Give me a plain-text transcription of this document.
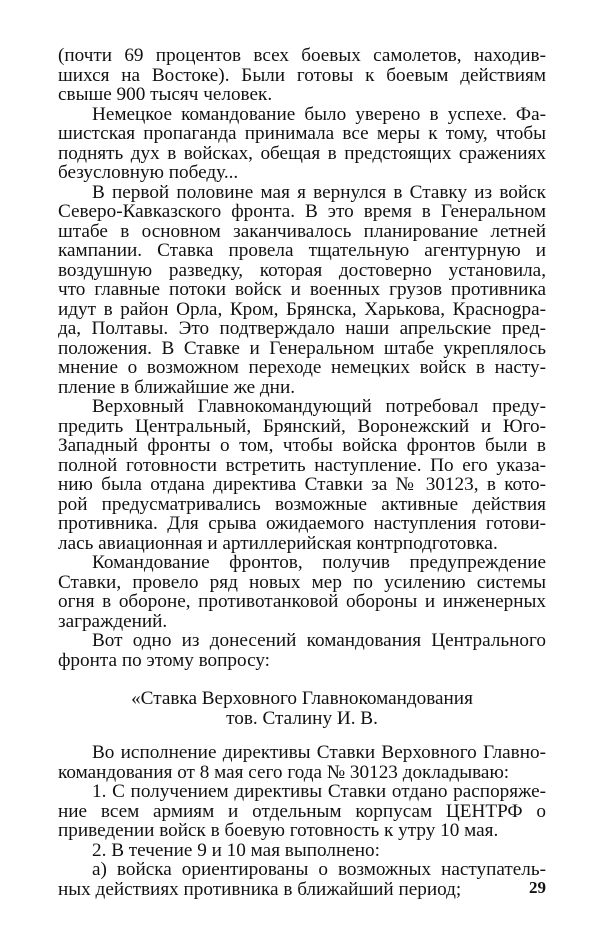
(почти 69 процентов всех боевых самолетов, находив-
шихся на Востоке). Были готовы к боевым действиям
свыше 900 тысяч человек.
Немецкое командование было уверено в успехе. Фа-
шистская пропаганда принимала все меры к тому, чтобы
поднять дух в войсках, обещая в предстоящих сражениях
безусловную победу...
В первой половине мая я вернулся в Ставку из войск
Северо-Кавказского фронта. В это время в Генеральном
штабе в основном заканчивалось планирование летней
кампании. Ставка провела тщательную агентурную и
воздушную разведку, которая достоверно установила,
что главные потоки войск и военных грузов противника
идут в район Орла, Кром, Брянска, Харькова, Краснogра-
да, Полтавы. Это подтверждало наши апрельские пред-
положения. В Ставке и Генеральном штабе укреплялось
мнение о возможном переходе немецких войск в насту-
пление в ближайшие же дни.
Верховный Главнокомандующий потребовал преду-
предить Центральный, Брянский, Воронежский и Юго-
Западный фронты о том, чтобы войска фронтов были в
полной готовности встретить наступление. По его указа-
нию была отдана директива Ставки за № 30123, в кото-
рой предусматривались возможные активные действия
противника. Для срыва ожидаемого наступления готови-
лась авиационная и артиллерийская контрподготовка.
Командование фронтов, получив предупреждение
Ставки, провело ряд новых мер по усилению системы
огня в обороне, противотанковой обороны и инженерных
заграждений.
Вот одно из донесений командования Центрального
фронта по этому вопросу:

«Ставка Верховного Главнокомандования

тов. Сталину И. В.

Во исполнение директивы Ставки Верховного Главно-
командования от 8 мая сего года № 30123 докладываю:
1. С получением директивы Ставки отдано распоряже-
ние всем армиям и отдельным корпусам ЦЕНТРФ о
приведении войск в боевую готовность к утру 10 мая.
2. В течение 9 и 10 мая выполнено:
а) войска ориентированы о возможных наступатель-
ных действиях противника в ближайший период;	29
